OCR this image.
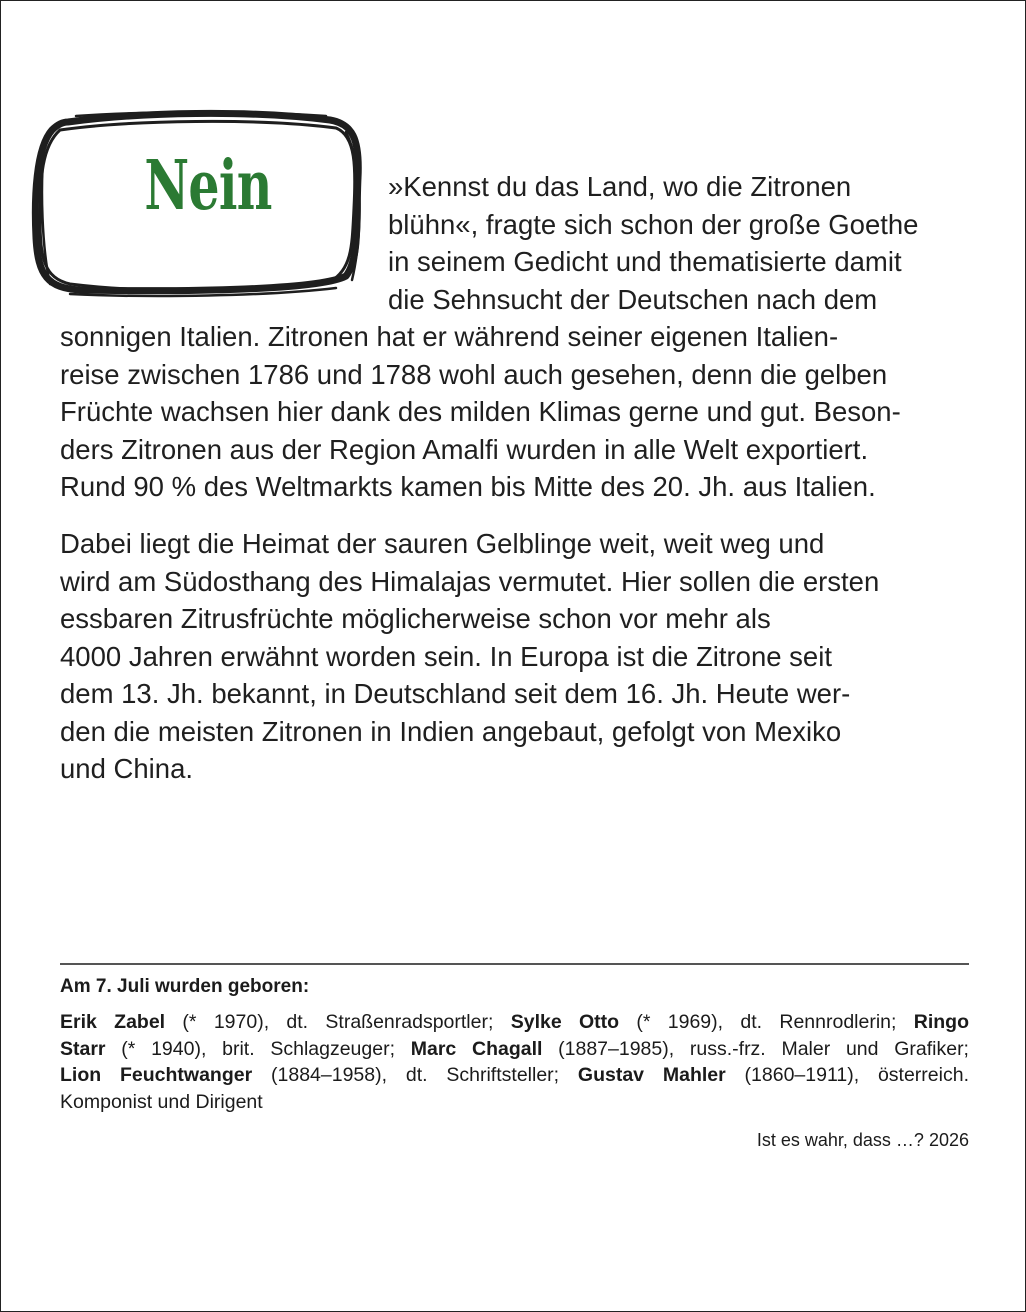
Nein	»Kennst du das Land, wo die Zitronen
blühn«, fragte sich schon der große Goethe
in seinem Gedicht und thematisierte damit
die Sehnsucht der Deutschen nach dem
sonnigen Italien. Zitronen hat er während seiner eigenen Italien-
reise zwischen 1786 und 1788 wohl auch gesehen, denn die gelben
Früchte wachsen hier dank des milden Klimas gerne und gut. Beson-
ders Zitronen aus der Region Amalfi wurden in alle Welt exportiert.
Rund 90 % des Weltmarkts kamen bis Mitte des 20. Jh. aus Italien.
Dabei liegt die Heimat der sauren Gelblinge weit, weit weg und
wird am Südosthang des Himalajas vermutet. Hier sollen die ersten
essbaren Zitrusfrüchte möglicherweise schon vor mehr als
4000 Jahren erwähnt worden sein. In Europa ist die Zitrone seit
dem 13. Jh. bekannt, in Deutschland seit dem 16. Jh. Heute wer-
den die meisten Zitronen in Indien angebaut, gefolgt von Mexiko
und China.
Am 7. Juli wurden geboren:
Erik Zabel (* 1970), dt. Straßenradsportler; Sylke Otto (* 1969), dt. Rennrodlerin; Ringo
Starr (* 1940), brit. Schlagzeuger; Marc Chagall (1887–1985), russ.-frz. Maler und Grafiker;
Lion Feuchtwanger (1884–1958), dt. Schriftsteller; Gustav Mahler (1860–1911), österreich.
Komponist und Dirigent
Ist es wahr, dass …? 2026
